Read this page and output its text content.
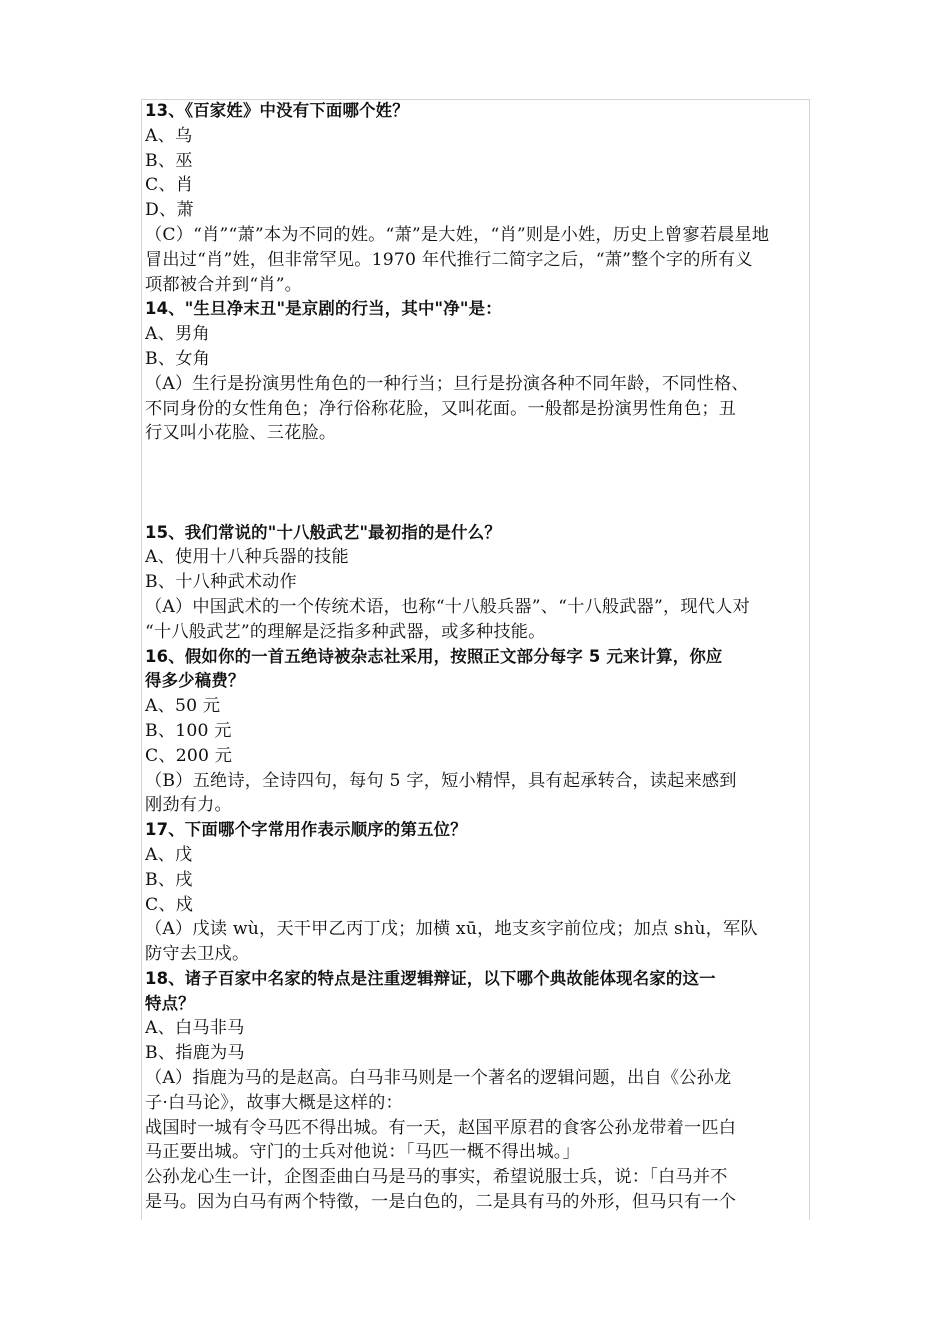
13、《百家姓》中没有下面哪个姓？
A、乌
B、巫
C、肖
D、萧
（C）“肖”“萧”本为不同的姓。“萧”是大姓，“肖”则是小姓，历史上曾寥若晨星地
冒出过“肖”姓，但非常罕见。1970 年代推行二简字之后，“萧”整个字的所有义
项都被合并到“肖”。
14、"生旦净末丑"是京剧的行当，其中"净"是：
A、男角
B、女角
（A）生行是扮演男性角色的一种行当；旦行是扮演各种不同年龄，不同性格、
不同身份的女性角色；净行俗称花脸，又叫花面。一般都是扮演男性角色；丑
行又叫小花脸、三花脸。
15、我们常说的"十八般武艺"最初指的是什么？
A、使用十八种兵器的技能
B、十八种武术动作
（A）中国武术的一个传统术语，也称“十八般兵器”、“十八般武器”，现代人对
“十八般武艺”的理解是泛指多种武器，或多种技能。
16、假如你的一首五绝诗被杂志社采用，按照正文部分每字 5 元来计算，你应
得多少稿费？
A、50 元
B、100 元
C、200 元
（B）五绝诗，全诗四句，每句 5 字，短小精悍，具有起承转合，读起来感到
刚劲有力。
17、下面哪个字常用作表示顺序的第五位？
A、戊
B、戌
C、戍
（A）戊读 wù，天干甲乙丙丁戊；加横 xū，地支亥字前位戌；加点 shù，军队
防守去卫戍。
18、诸子百家中名家的特点是注重逻辑辩证，以下哪个典故能体现名家的这一
特点？
A、白马非马
B、指鹿为马
（A）指鹿为马的是赵高。白马非马则是一个著名的逻辑问题，出自《公孙龙
子·白马论》，故事大概是这样的：
战国时一城有令马匹不得出城。有一天，赵国平原君的食客公孙龙带着一匹白
马正要出城。守门的士兵对他说：「马匹一概不得出城。」
公孙龙心生一计，企图歪曲白马是马的事实，希望说服士兵，说：「白马并不
是马。因为白马有两个特徵，一是白色的，二是具有马的外形，但马只有一个
